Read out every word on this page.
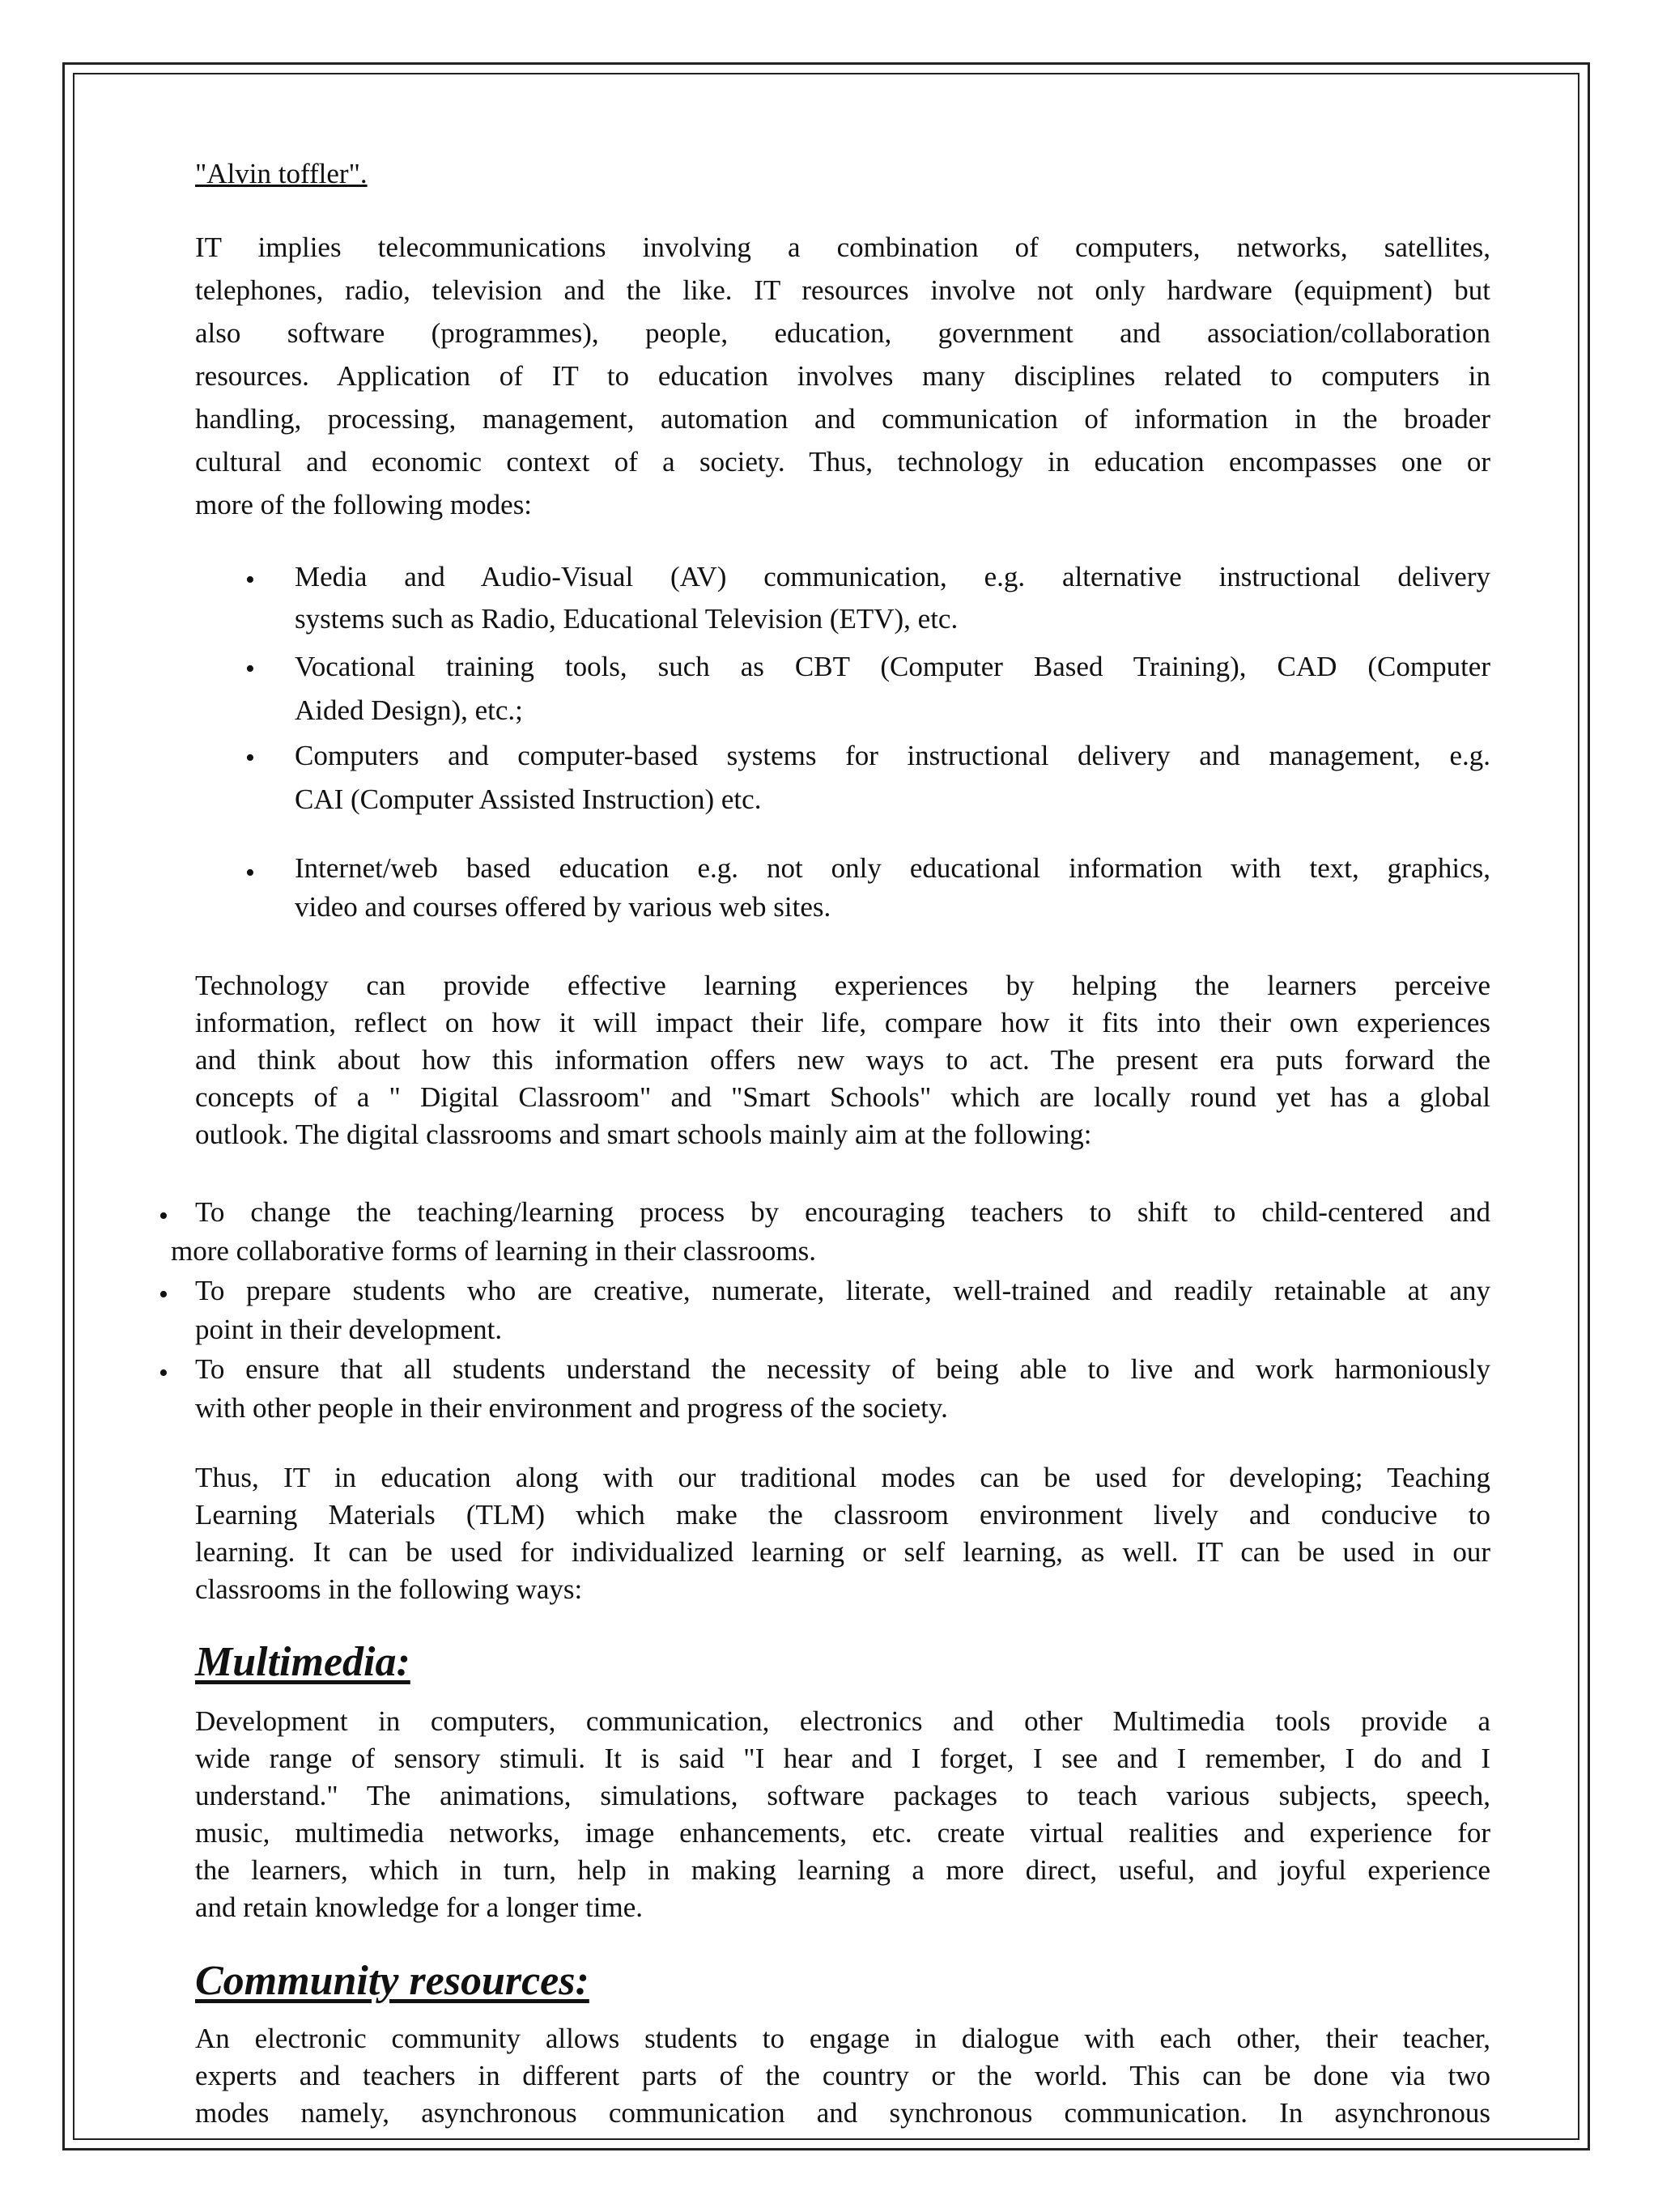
"Alvin toffler".

IT implies telecommunications involving a combination of computers, networks, satellites,
telephones, radio, television and the like. IT resources involve not only hardware (equipment) but
also software (programmes), people, education, government and association/collaboration
resources. Application of IT to education involves many disciplines related to computers in
handling, processing, management, automation and communication of information in the broader
cultural and economic context of a society. Thus, technology in education encompasses one or
more of the following modes:
• Media and Audio-Visual (AV) communication, e.g. alternative instructional delivery
systems such as Radio, Educational Television (ETV), etc.
• Vocational training tools, such as CBT (Computer Based Training), CAD (Computer
Aided Design), etc.;
• Computers and computer-based systems for instructional delivery and management, e.g.
CAI (Computer Assisted Instruction) etc.
• Internet/web based education e.g. not only educational information with text, graphics,
video and courses offered by various web sites.
Technology can provide effective learning experiences by helping the learners perceive
information, reflect on how it will impact their life, compare how it fits into their own experiences
and think about how this information offers new ways to act. The present era puts forward the
concepts of a " Digital Classroom" and "Smart Schools" which are locally round yet has a global
outlook. The digital classrooms and smart schools mainly aim at the following:
• To change the teaching/learning process by encouraging teachers to shift to child-centered and
more collaborative forms of learning in their classrooms.
• To prepare students who are creative, numerate, literate, well-trained and readily retainable at any
point in their development.
• To ensure that all students understand the necessity of being able to live and work harmoniously
with other people in their environment and progress of the society.
Thus, IT in education along with our traditional modes can be used for developing; Teaching
Learning Materials (TLM) which make the classroom environment lively and conducive to
learning. It can be used for individualized learning or self learning, as well. IT can be used in our
classrooms in the following ways:
Multimedia:
Development in computers, communication, electronics and other Multimedia tools provide a
wide range of sensory stimuli. It is said "I hear and I forget, I see and I remember, I do and I
understand." The animations, simulations, software packages to teach various subjects, speech,
music, multimedia networks, image enhancements, etc. create virtual realities and experience for
the learners, which in turn, help in making learning a more direct, useful, and joyful experience
and retain knowledge for a longer time.
Community resources:
An electronic community allows students to engage in dialogue with each other, their teacher,
experts and teachers in different parts of the country or the world. This can be done via two
modes namely, asynchronous communication and synchronous communication. In asynchronous
